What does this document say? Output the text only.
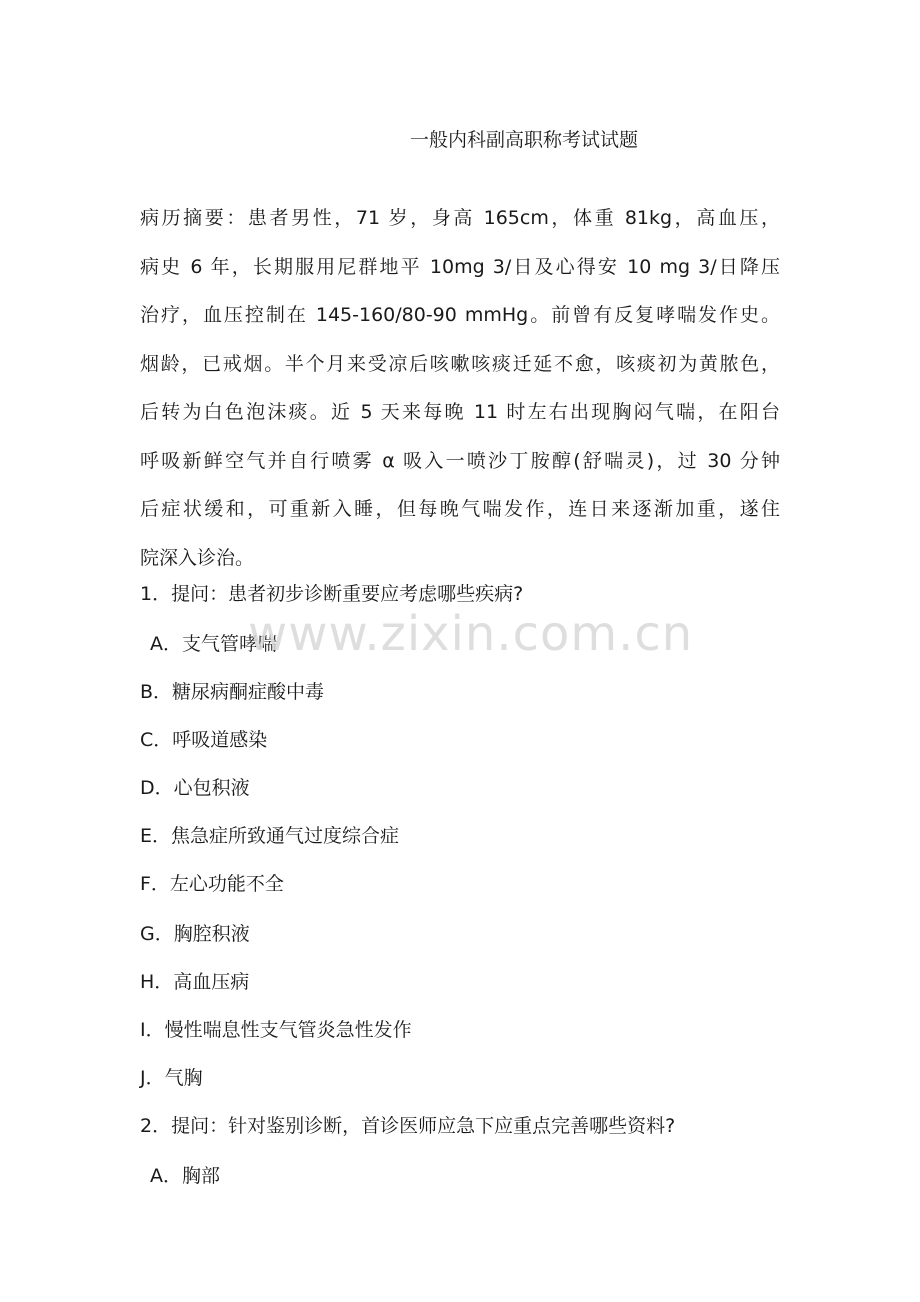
一般内科副高职称考试试题
病历摘要：患者男性，71 岁，身高 165cm，体重 81kg，高血压，
病史 6 年，长期服用尼群地平 10mg 3/日及心得安 10 mg 3/日降压
治疗，血压控制在 145-160/80-90 mmHg。前曾有反复哮喘发作史。
烟龄，已戒烟。半个月来受凉后咳嗽咳痰迁延不愈，咳痰初为黄脓色，
后转为白色泡沫痰。近 5 天来每晚 11 时左右出现胸闷气喘，在阳台
呼吸新鲜空气并自行喷雾 α 吸入一喷沙丁胺醇(舒喘灵)，过 30 分钟
后症状缓和，可重新入睡，但每晚气喘发作，连日来逐渐加重，遂住
院深入诊治。
1．提问：患者初步诊断重要应考虑哪些疾病?
A．支气管哮喘
B．糖尿病酮症酸中毒
C．呼吸道感染
D．心包积液
E．焦急症所致通气过度综合症
F．左心功能不全
G．胸腔积液
H．高血压病
I．慢性喘息性支气管炎急性发作
J．气胸
2．提问：针对鉴别诊断，首诊医师应急下应重点完善哪些资料?
A．胸部
www.zixin.com.cn
